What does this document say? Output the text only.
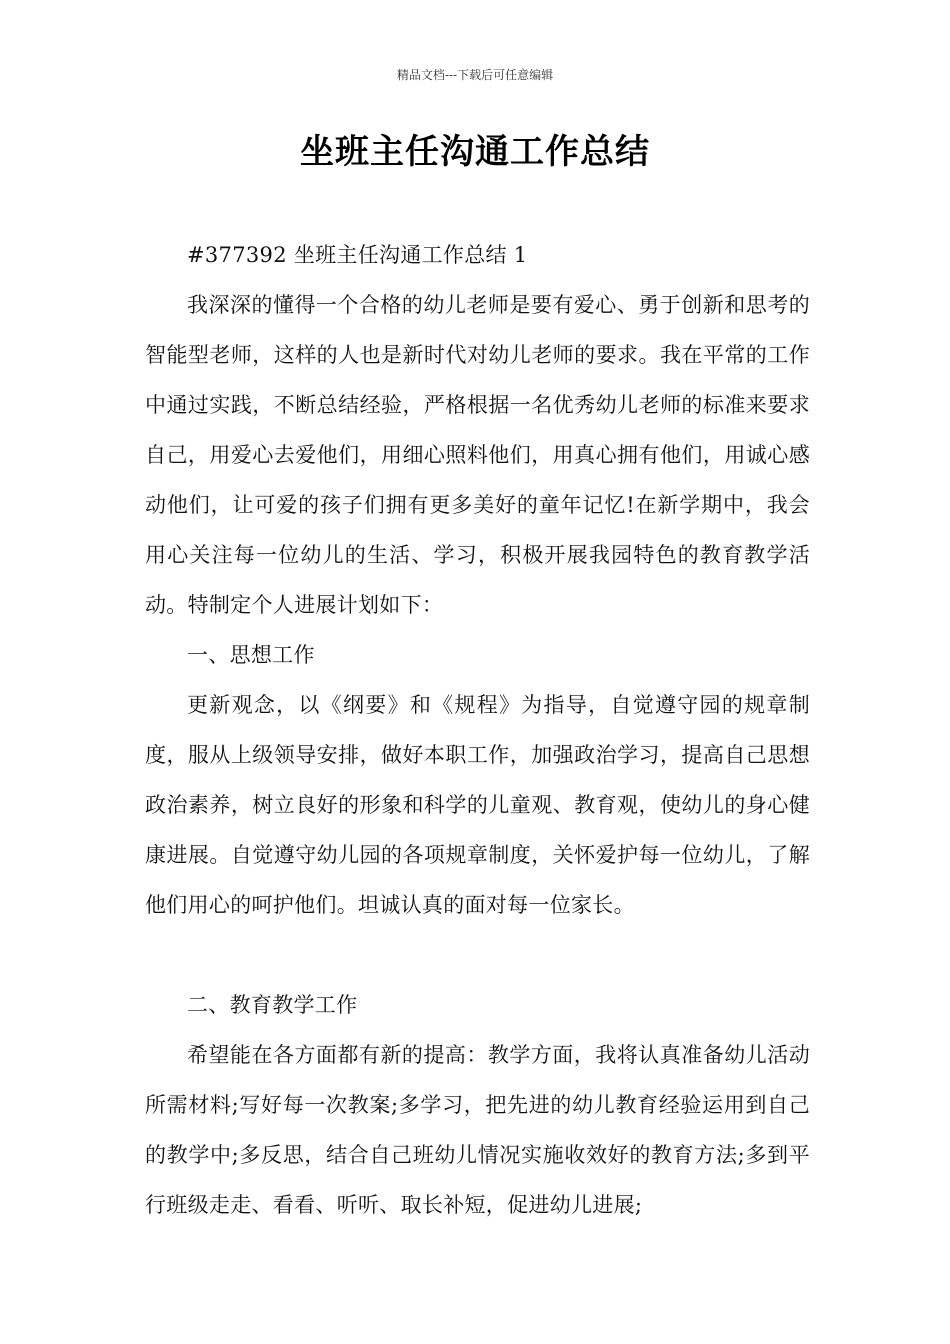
精品文档---下载后可任意编辑
坐班主任沟通工作总结

#377392 坐班主任沟通工作总结 1

我深深的懂得一个合格的幼儿老师是要有爱心、勇于创新和思考的智能型老师，这样的人也是新时代对幼儿老师的要求。我在平常的工作中通过实践，不断总结经验，严格根据一名优秀幼儿老师的标准来要求自己，用爱心去爱他们，用细心照料他们，用真心拥有他们，用诚心感动他们，让可爱的孩子们拥有更多美好的童年记忆!在新学期中，我会用心关注每一位幼儿的生活、学习，积极开展我园特色的教育教学活动。特制定个人进展计划如下：

一、思想工作

更新观念，以《纲要》和《规程》为指导，自觉遵守园的规章制度，服从上级领导安排，做好本职工作，加强政治学习，提高自己思想政治素养，树立良好的形象和科学的儿童观、教育观，使幼儿的身心健康进展。自觉遵守幼儿园的各项规章制度，关怀爱护每一位幼儿，了解他们用心的呵护他们。坦诚认真的面对每一位家长。

二、教育教学工作

希望能在各方面都有新的提高：教学方面，我将认真准备幼儿活动所需材料;写好每一次教案;多学习，把先进的幼儿教育经验运用到自己的教学中;多反思，结合自己班幼儿情况实施收效好的教育方法;多到平行班级走走、看看、听听、取长补短，促进幼儿进展;
